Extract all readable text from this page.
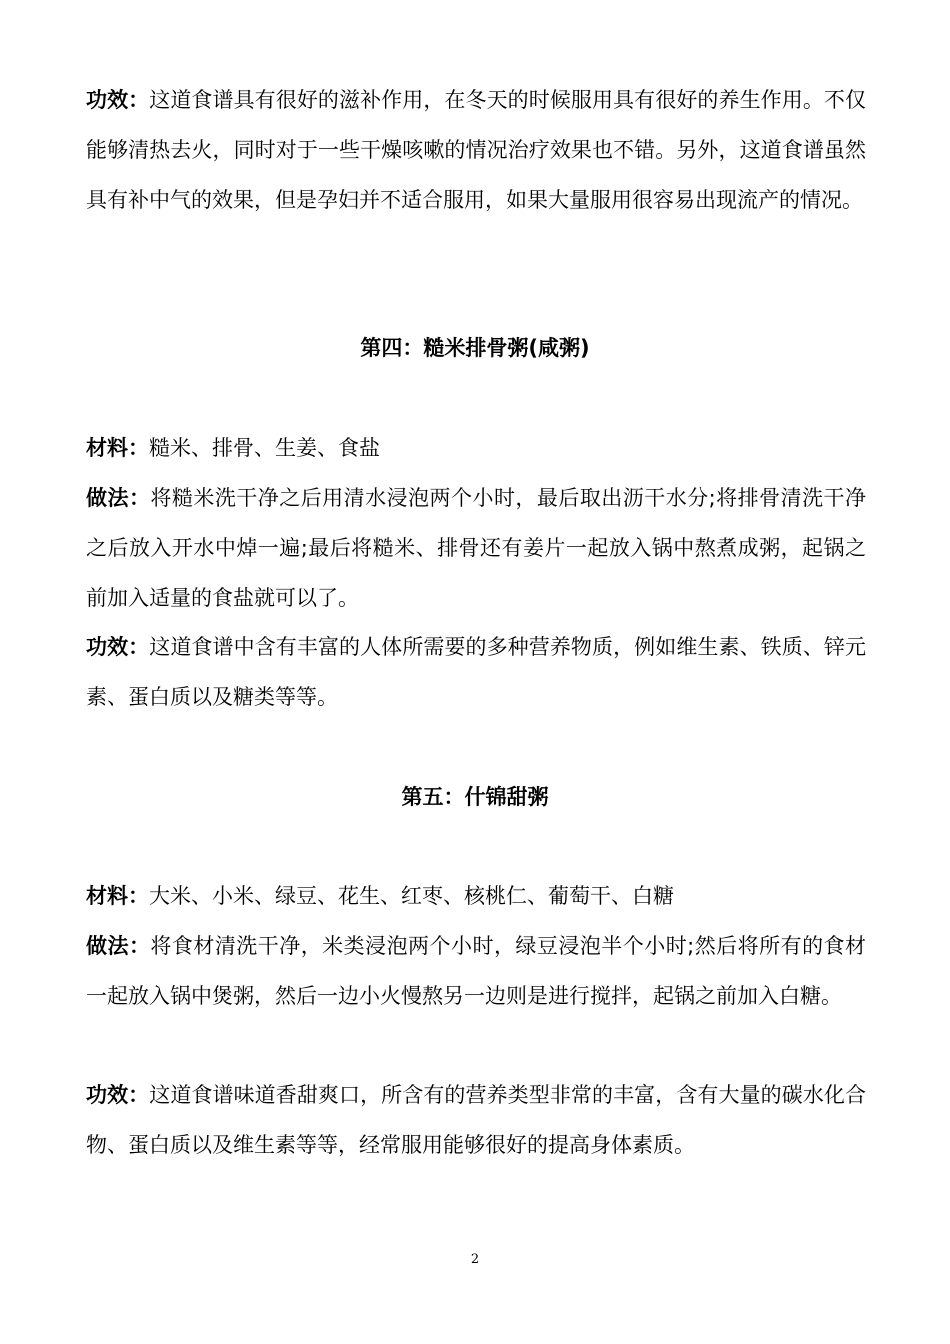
功效：这道食谱具有很好的滋补作用，在冬天的时候服用具有很好的养生作用。不仅能够清热去火，同时对于一些干燥咳嗽的情况治疗效果也不错。另外，这道食谱虽然具有补中气的效果，但是孕妇并不适合服用，如果大量服用很容易出现流产的情况。

第四：糙米排骨粥(咸粥)

材料：糙米、排骨、生姜、食盐

做法：将糙米洗干净之后用清水浸泡两个小时，最后取出沥干水分;将排骨清洗干净之后放入开水中焯一遍;最后将糙米、排骨还有姜片一起放入锅中熬煮成粥，起锅之前加入适量的食盐就可以了。

功效：这道食谱中含有丰富的人体所需要的多种营养物质，例如维生素、铁质、锌元素、蛋白质以及糖类等等。

第五：什锦甜粥

材料：大米、小米、绿豆、花生、红枣、核桃仁、葡萄干、白糖

做法：将食材清洗干净，米类浸泡两个小时，绿豆浸泡半个小时;然后将所有的食材一起放入锅中煲粥，然后一边小火慢熬另一边则是进行搅拌，起锅之前加入白糖。

功效：这道食谱味道香甜爽口，所含有的营养类型非常的丰富，含有大量的碳水化合物、蛋白质以及维生素等等，经常服用能够很好的提高身体素质。

2
